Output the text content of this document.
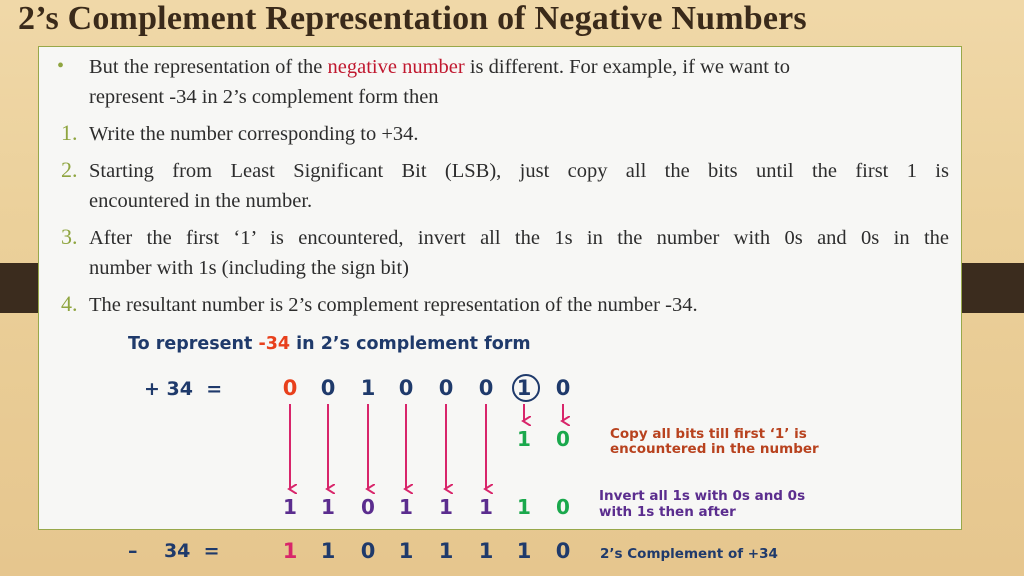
2’s Complement Representation of Negative Numbers
• But the representation of the negative number is different. For example, if we want to
represent -34 in 2’s complement form then
1. Write the number corresponding to +34.
2. Starting from Least Significant Bit (LSB), just copy all the bits until the first 1 is
encountered in the number.
3. After the first ‘1’ is encountered, invert all the 1s in the number with 0s and 0s in the
number with 1s (including the sign bit)
4. The resultant number is 2’s complement representation of the number -34.
To represent -34 in 2’s complement form
+ 34  =	0 0 1 0 0 0 1 0
1 0	Copy all bits till first ‘1’ is
encountered in the number
1 1 0 1 1 1 1 0 Invert all 1s with 0s and 0s
with 1s then after
–    34  =	1 1 0 1 1 1 1 0 2’s Complement of +34
